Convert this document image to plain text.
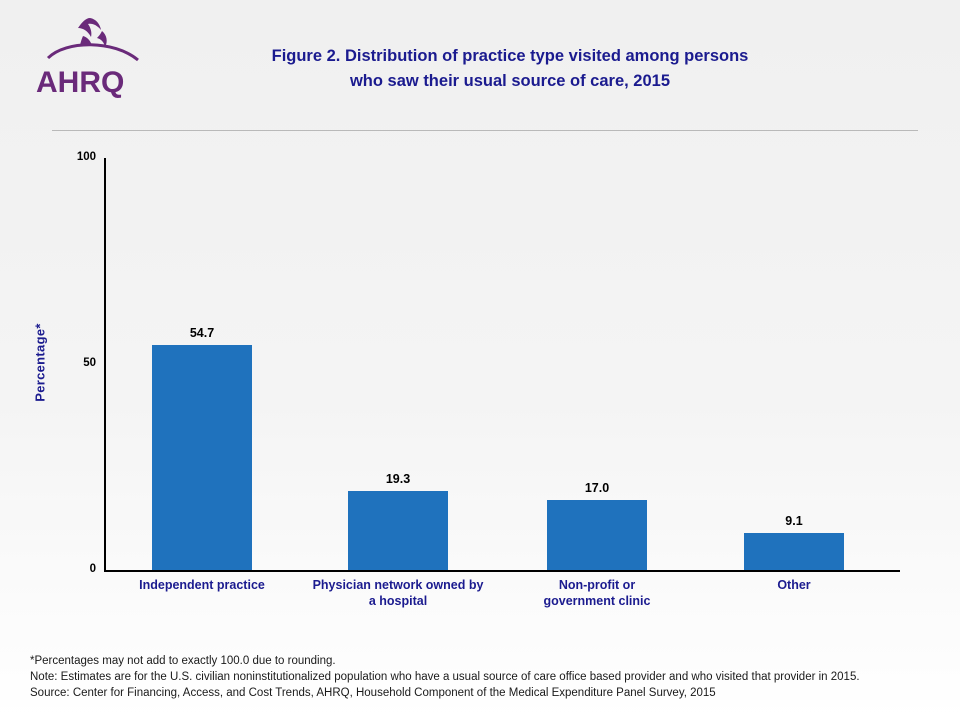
AHRQ
Figure 2. Distribution of practice type visited among persons
who saw their usual source of care, 2015
Percentage*
100
50
0
54.7
Independent practice
19.3
Physician network owned by
a hospital
17.0
Non-profit or
government clinic
9.1
Other
*Percentages may not add to exactly 100.0 due to rounding.
Note: Estimates are for the U.S. civilian noninstitutionalized population who have a usual source of care office based provider and who visited that provider in 2015.
Source: Center for Financing, Access, and Cost Trends, AHRQ, Household Component of the Medical Expenditure Panel Survey, 2015
